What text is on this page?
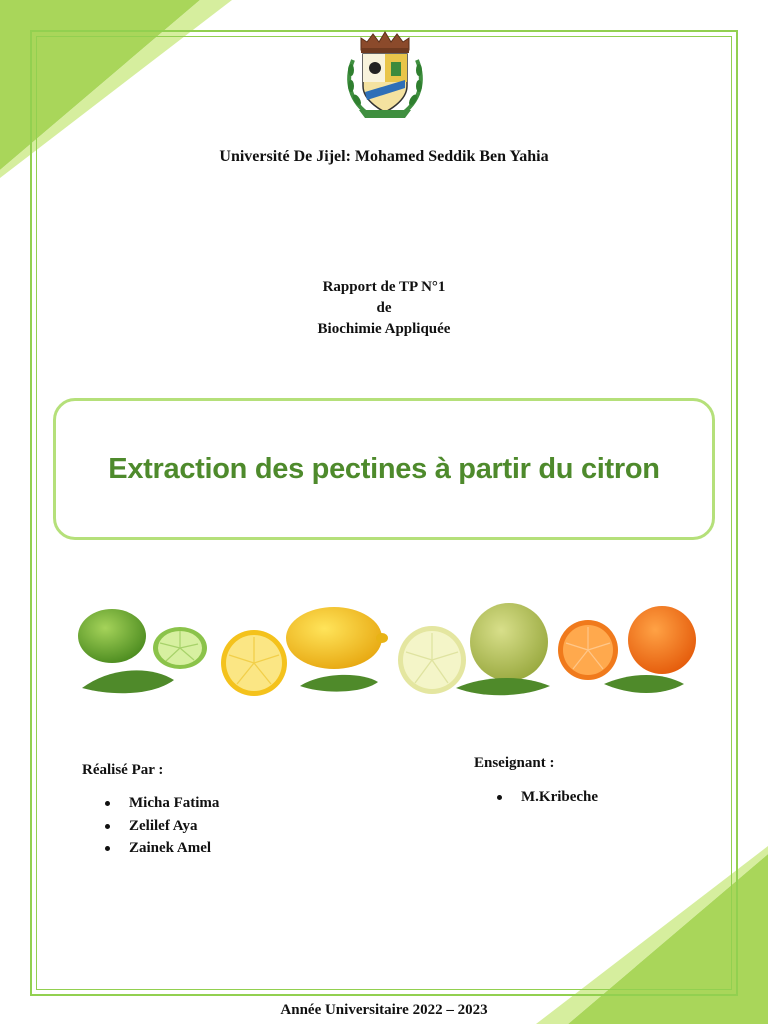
Université De Jijel: Mohamed Seddik Ben Yahia
Rapport de TP N°1
de
Biochimie Appliquée
Extraction des pectines à partir du citron
Réalisé Par :
Micha Fatima
Zelilef Aya
Zainek Amel
Enseignant :
M.Kribeche
Année Universitaire 2022 – 2023
